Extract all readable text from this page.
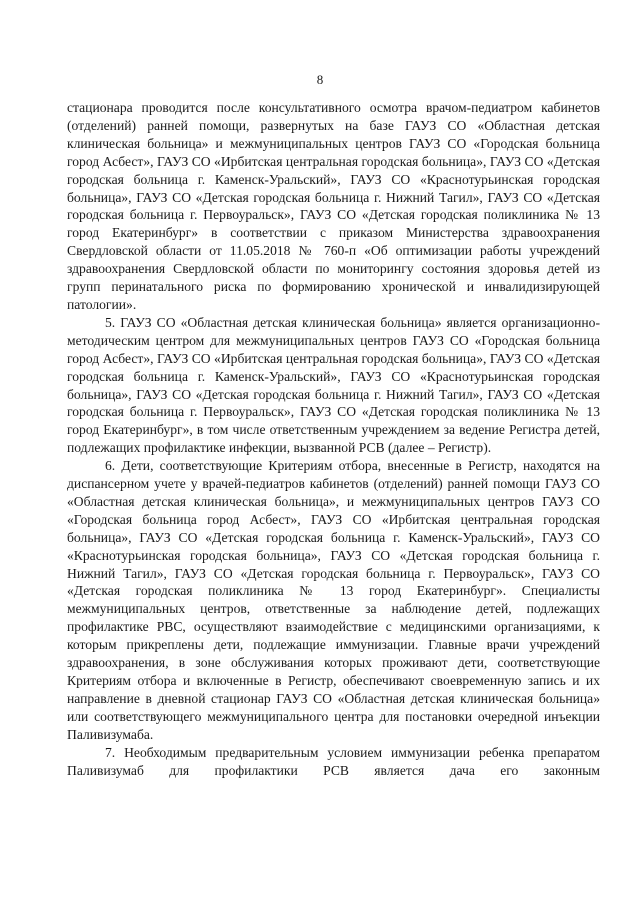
8

стационара проводится после консультативного осмотра врачом-педиатром кабинетов (отделений) ранней помощи, развернутых на базе ГАУЗ СО «Областная детская клиническая больница» и межмуниципальных центров ГАУЗ СО «Городская больница город Асбест», ГАУЗ СО «Ирбитская центральная городская больница», ГАУЗ СО «Детская городская больница г. Каменск-Уральский», ГАУЗ СО «Краснотурьинская городская больница», ГАУЗ СО «Детская городская больница г. Нижний Тагил», ГАУЗ СО «Детская городская больница г. Первоуральск», ГАУЗ СО «Детская городская поликлиника № 13 город Екатеринбург» в соответствии с приказом Министерства здравоохранения Свердловской области от 11.05.2018 № 760-п «Об оптимизации работы учреждений здравоохранения Свердловской области по мониторингу состояния здоровья детей из групп перинатального риска по формированию хронической и инвалидизирующей патологии».

5. ГАУЗ СО «Областная детская клиническая больница» является организационно-методическим центром для межмуниципальных центров ГАУЗ СО «Городская больница город Асбест», ГАУЗ СО «Ирбитская центральная городская больница», ГАУЗ СО «Детская городская больница г. Каменск-Уральский», ГАУЗ СО «Краснотурьинская городская больница», ГАУЗ СО «Детская городская больница г. Нижний Тагил», ГАУЗ СО «Детская городская больница г. Первоуральск», ГАУЗ СО «Детская городская поликлиника № 13 город Екатеринбург», в том числе ответственным учреждением за ведение Регистра детей, подлежащих профилактике инфекции, вызванной РСВ (далее – Регистр).

6. Дети, соответствующие Критериям отбора, внесенные в Регистр, находятся на диспансерном учете у врачей-педиатров кабинетов (отделений) ранней помощи ГАУЗ СО «Областная детская клиническая больница», и межмуниципальных центров ГАУЗ СО «Городская больница город Асбест», ГАУЗ СО «Ирбитская центральная городская больница», ГАУЗ СО «Детская городская больница г. Каменск-Уральский», ГАУЗ СО «Краснотурьинская городская больница», ГАУЗ СО «Детская городская больница г. Нижний Тагил», ГАУЗ СО «Детская городская больница г. Первоуральск», ГАУЗ СО «Детская городская поликлиника № 13 город Екатеринбург». Специалисты межмуниципальных центров, ответственные за наблюдение детей, подлежащих профилактике РВС, осуществляют взаимодействие с медицинскими организациями, к которым прикреплены дети, подлежащие иммунизации. Главные врачи учреждений здравоохранения, в зоне обслуживания которых проживают дети, соответствующие Критериям отбора и включенные в Регистр, обеспечивают своевременную запись и их направление в дневной стационар ГАУЗ СО «Областная детская клиническая больница» или соответствующего межмуниципального центра для постановки очередной инъекции Паливизумаба.

7. Необходимым предварительным условием иммунизации ребенка препаратом Паливизумаб для профилактики РСВ является дача его законным
